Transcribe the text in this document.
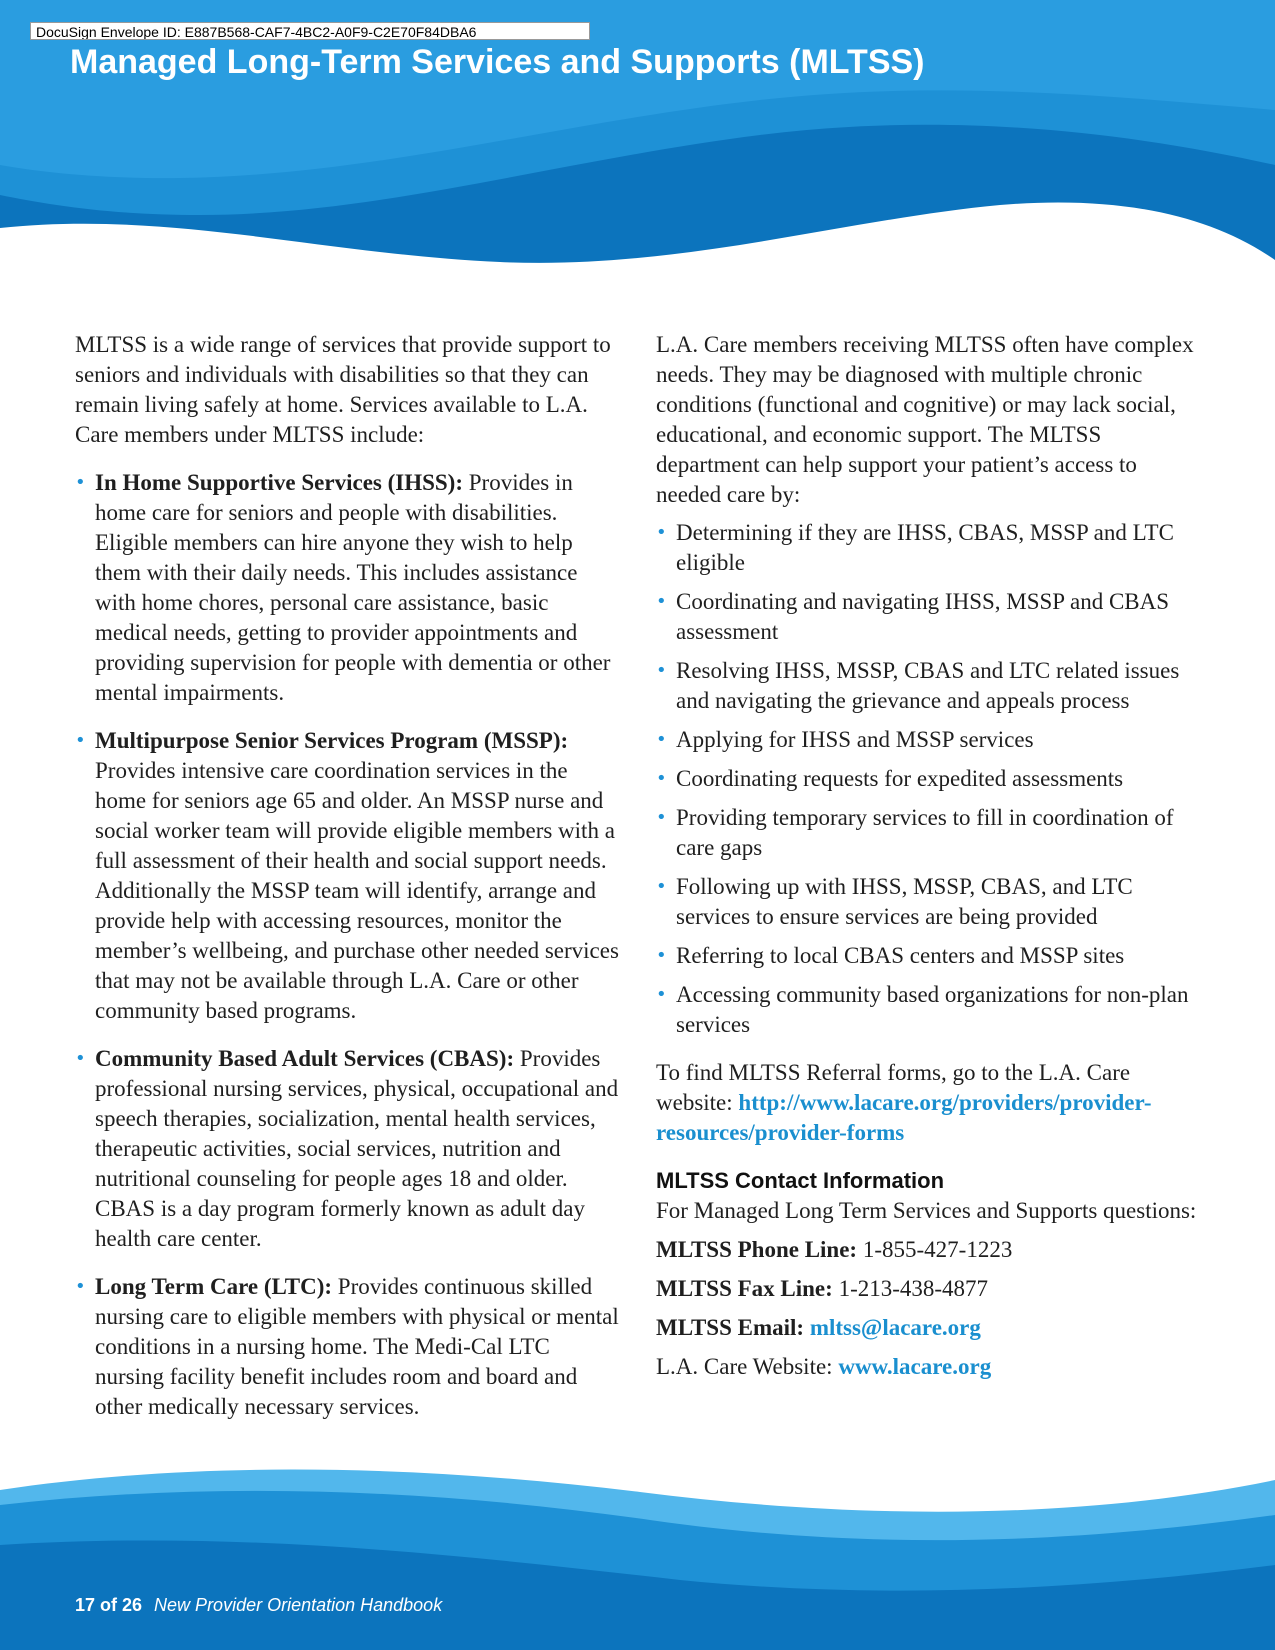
DocuSign Envelope ID: E887B568-CAF7-4BC2-A0F9-C2E70F84DBA6
Managed Long-Term Services and Supports (MLTSS)

MLTSS is a wide range of services that provide support to seniors and individuals with disabilities so that they can remain living safely at home. Services available to L.A. Care members under MLTSS include:

• In Home Supportive Services (IHSS): Provides in home care for seniors and people with disabilities. Eligible members can hire anyone they wish to help them with their daily needs. This includes assistance with home chores, personal care assistance, basic medical needs, getting to provider appointments and providing supervision for people with dementia or other mental impairments.
• Multipurpose Senior Services Program (MSSP): Provides intensive care coordination services in the home for seniors age 65 and older. An MSSP nurse and social worker team will provide eligible members with a full assessment of their health and social support needs. Additionally the MSSP team will identify, arrange and provide help with accessing resources, monitor the member’s wellbeing, and purchase other needed services that may not be available through L.A. Care or other community based programs.
• Community Based Adult Services (CBAS): Provides professional nursing services, physical, occupational and speech therapies, socialization, mental health services, therapeutic activities, social services, nutrition and nutritional counseling for people ages 18 and older. CBAS is a day program formerly known as adult day health care center.
• Long Term Care (LTC): Provides continuous skilled nursing care to eligible members with physical or mental conditions in a nursing home. The Medi-Cal LTC nursing facility benefit includes room and board and other medically necessary services.

L.A. Care members receiving MLTSS often have complex needs. They may be diagnosed with multiple chronic conditions (functional and cognitive) or may lack social, educational, and economic support. The MLTSS department can help support your patient’s access to needed care by:

• Determining if they are IHSS, CBAS, MSSP and LTC eligible
• Coordinating and navigating IHSS, MSSP and CBAS assessment
• Resolving IHSS, MSSP, CBAS and LTC related issues and navigating the grievance and appeals process
• Applying for IHSS and MSSP services
• Coordinating requests for expedited assessments
• Providing temporary services to fill in coordination of care gaps
• Following up with IHSS, MSSP, CBAS, and LTC services to ensure services are being provided
• Referring to local CBAS centers and MSSP sites
• Accessing community based organizations for non-plan services

To find MLTSS Referral forms, go to the L.A. Care website: http://www.lacare.org/providers/provider-resources/provider-forms

MLTSS Contact Information

For Managed Long Term Services and Supports questions:

MLTSS Phone Line: 1-855-427-1223

MLTSS Fax Line: 1-213-438-4877

MLTSS Email: mltss@lacare.org

L.A. Care Website: www.lacare.org

17 of 26 New Provider Orientation Handbook
